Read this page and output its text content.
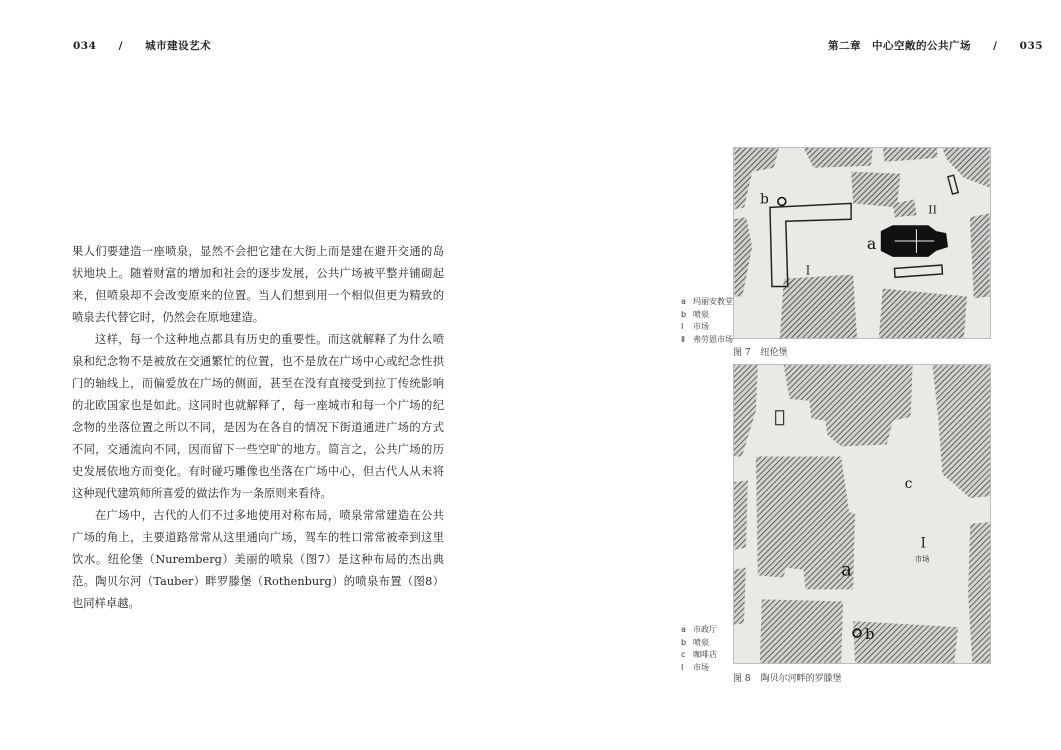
034 / 城市建设艺术	第二章　中心空敞的公共广场 / 035

果人们要建造一座喷泉，显然不会把它建在大街上而是建在避开交通的岛状地块上。随着财富的增加和社会的逐步发展，公共广场被平整并铺砌起来，但喷泉却不会改变原来的位置。当人们想到用一个相似但更为精致的喷泉去代替它时，仍然会在原地建造。

这样，每一个这种地点都具有历史的重要性。而这就解释了为什么喷泉和纪念物不是被放在交通繁忙的位置，也不是放在广场中心或纪念性拱门的轴线上，而偏爱放在广场的侧面，甚至在没有直接受到拉丁传统影响的北欧国家也是如此。这同时也就解释了，每一座城市和每一个广场的纪念物的坐落位置之所以不同，是因为在各自的情况下街道通进广场的方式不同，交通流向不同，因而留下一些空旷的地方。简言之，公共广场的历史发展依地方而变化。有时碰巧雕像也坐落在广场中心，但古代人从未将这种现代建筑师所喜爱的做法作为一条原则来看待。

在广场中，古代的人们不过多地使用对称布局，喷泉常常建造在公共广场的角上，主要道路常常从这里通向广场，驾车的牲口常常被牵到这里饮水。纽伦堡（Nuremberg）美丽的喷泉（图7）是这种布局的杰出典范。陶贝尔河（Tauber）畔罗滕堡（Rothenburg）的喷泉布置（图8）也同样卓越。

b
a
I
II
a 玛丽安教堂
b 喷泉
Ⅰ	市场
Ⅱ	弗劳恩市场
图 7 纽伦堡
I
市场
c
a
b
a 市政厅
b 喷泉
c 咖啡店
Ⅰ	市场
图 8 陶贝尔河畔的罗滕堡
